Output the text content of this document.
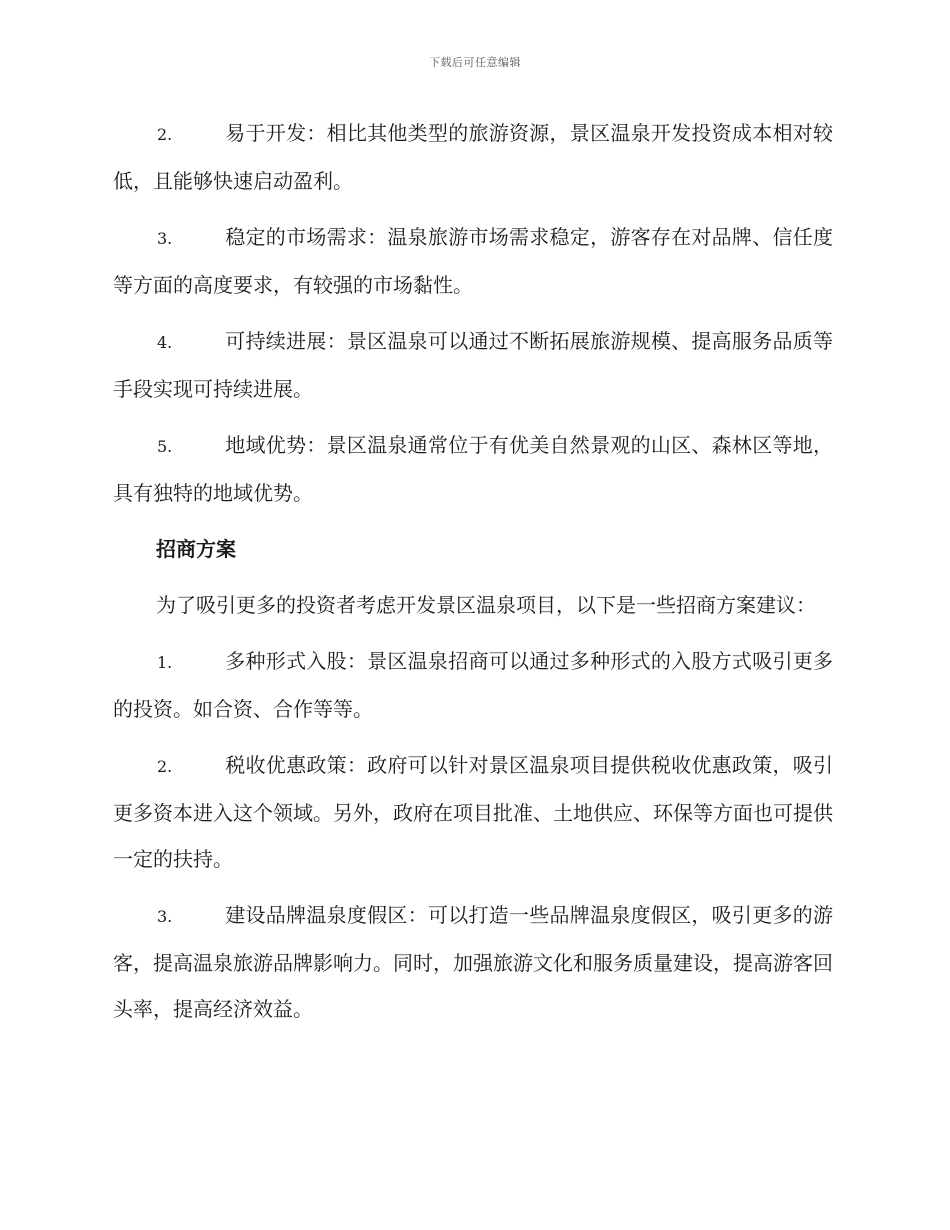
下载后可任意编辑

2.	易于开发：相比其他类型的旅游资源，景区温泉开发投资成本相对较低，且能够快速启动盈利。

3.	稳定的市场需求：温泉旅游市场需求稳定，游客存在对品牌、信任度等方面的高度要求，有较强的市场黏性。

4.	可持续进展：景区温泉可以通过不断拓展旅游规模、提高服务品质等手段实现可持续进展。

5.	地域优势：景区温泉通常位于有优美自然景观的山区、森林区等地，具有独特的地域优势。

招商方案

为了吸引更多的投资者考虑开发景区温泉项目，以下是一些招商方案建议：

1.	多种形式入股：景区温泉招商可以通过多种形式的入股方式吸引更多的投资。如合资、合作等等。

2.	税收优惠政策：政府可以针对景区温泉项目提供税收优惠政策，吸引更多资本进入这个领域。另外，政府在项目批准、土地供应、环保等方面也可提供一定的扶持。

3.	建设品牌温泉度假区：可以打造一些品牌温泉度假区，吸引更多的游客，提高温泉旅游品牌影响力。同时，加强旅游文化和服务质量建设，提高游客回头率，提高经济效益。
